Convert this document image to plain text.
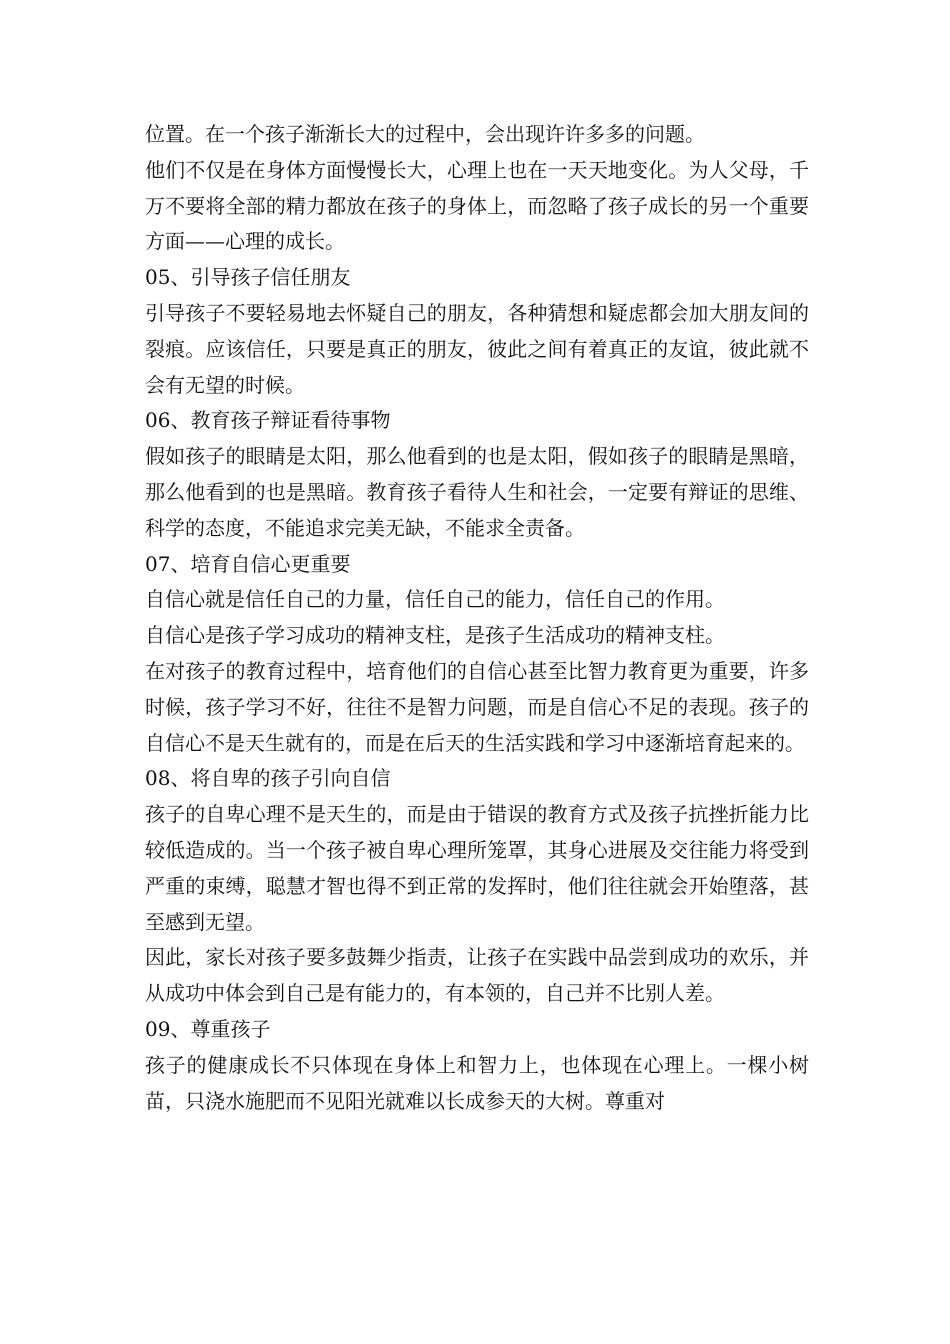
位置。在一个孩子渐渐长大的过程中，会出现许许多多的问题。

他们不仅是在身体方面慢慢长大，心理上也在一天天地变化。为人父母，千万不要将全部的精力都放在孩子的身体上，而忽略了孩子成长的另一个重要方面——心理的成长。

05、引导孩子信任朋友

引导孩子不要轻易地去怀疑自己的朋友，各种猜想和疑虑都会加大朋友间的裂痕。应该信任，只要是真正的朋友，彼此之间有着真正的友谊，彼此就不会有无望的时候。

06、教育孩子辩证看待事物

假如孩子的眼睛是太阳，那么他看到的也是太阳，假如孩子的眼睛是黑暗，那么他看到的也是黑暗。教育孩子看待人生和社会，一定要有辩证的思维、科学的态度，不能追求完美无缺，不能求全责备。

07、培育自信心更重要

自信心就是信任自己的力量，信任自己的能力，信任自己的作用。

自信心是孩子学习成功的精神支柱，是孩子生活成功的精神支柱。

在对孩子的教育过程中，培育他们的自信心甚至比智力教育更为重要，许多时候，孩子学习不好，往往不是智力问题，而是自信心不足的表现。孩子的自信心不是天生就有的，而是在后天的生活实践和学习中逐渐培育起来的。

08、将自卑的孩子引向自信

孩子的自卑心理不是天生的，而是由于错误的教育方式及孩子抗挫折能力比较低造成的。当一个孩子被自卑心理所笼罩，其身心进展及交往能力将受到严重的束缚，聪慧才智也得不到正常的发挥时，他们往往就会开始堕落，甚至感到无望。

因此，家长对孩子要多鼓舞少指责，让孩子在实践中品尝到成功的欢乐，并从成功中体会到自己是有能力的，有本领的，自己并不比别人差。

09、尊重孩子

孩子的健康成长不只体现在身体上和智力上，也体现在心理上。一棵小树苗，只浇水施肥而不见阳光就难以长成参天的大树。尊重对
